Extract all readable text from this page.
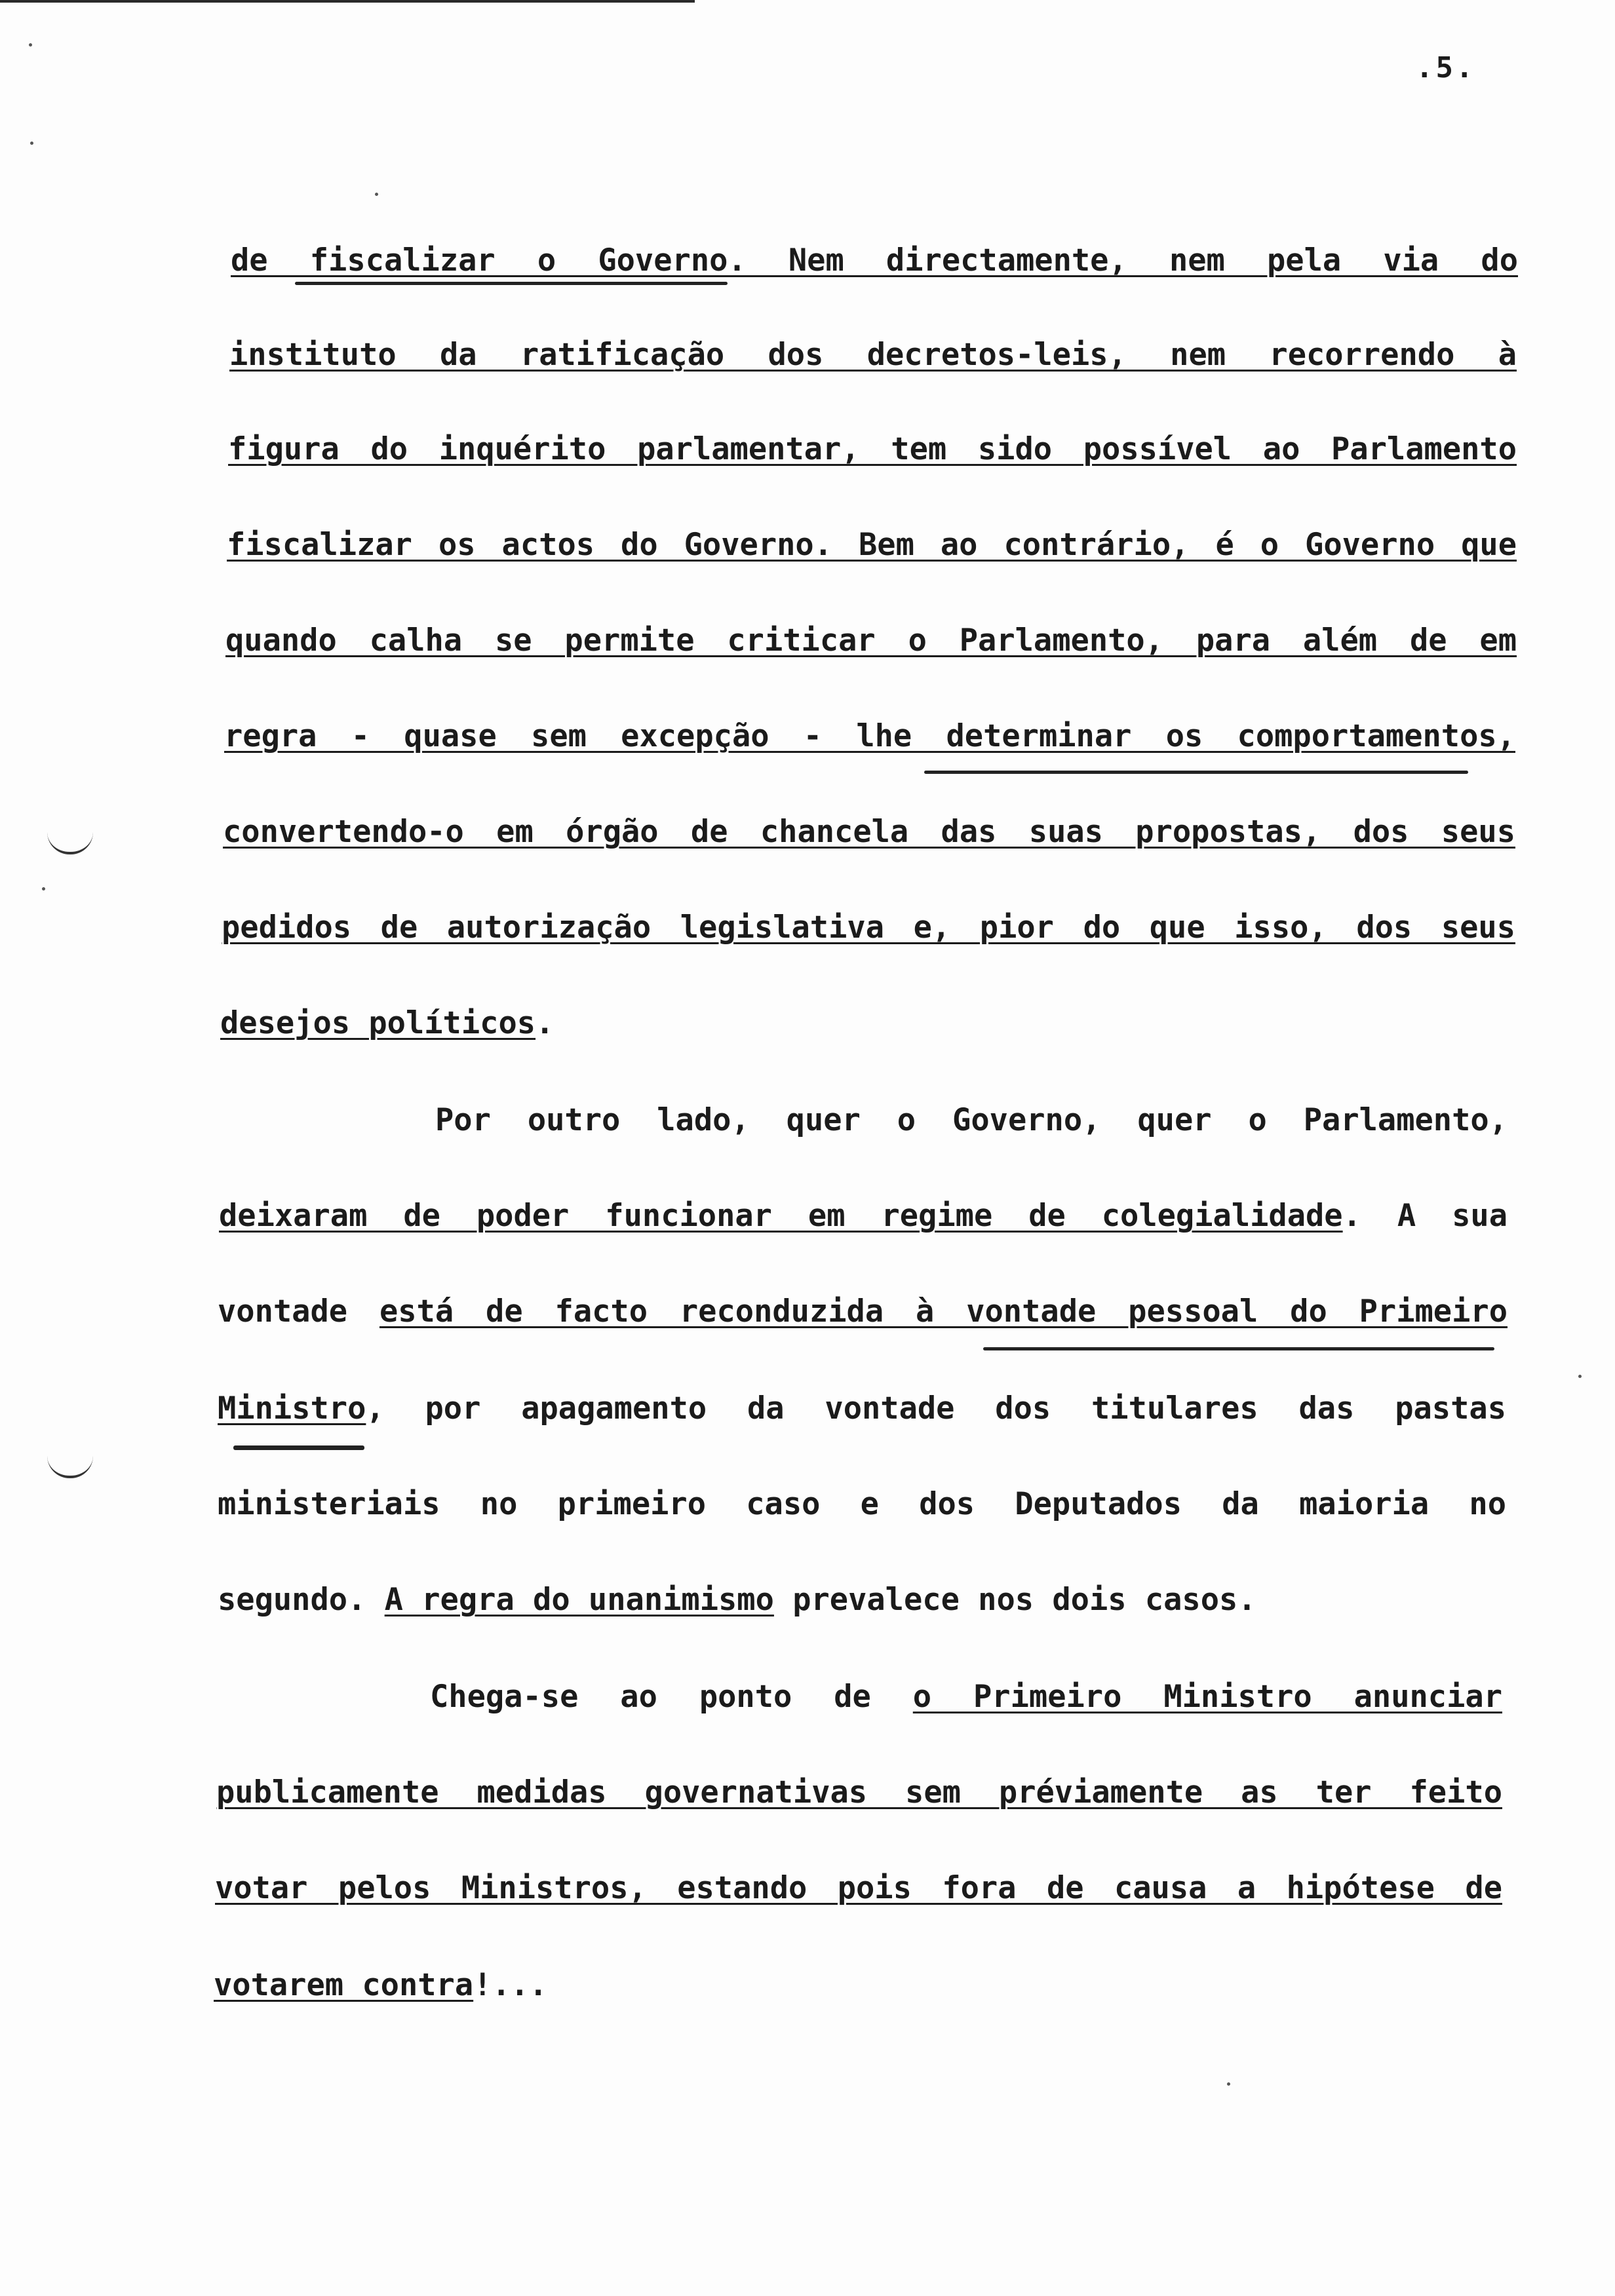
.5.
de fiscalizar o Governo. Nem directamente, nem pela via do
instituto da ratificação dos decretos-leis, nem recorrendo à
figura do inquérito parlamentar, tem sido possível ao Parlamento
fiscalizar os actos do Governo. Bem ao contrário, é o Governo que
quando calha se permite criticar o Parlamento, para além de em
regra - quase sem excepção - lhe determinar os comportamentos,
convertendo-o em órgão de chancela das suas propostas, dos seus
pedidos de autorização legislativa e, pior do que isso, dos seus
desejos políticos.
Por outro lado, quer o Governo, quer o Parlamento,
deixaram de poder funcionar em regime de colegialidade. A sua
vontade está de facto reconduzida à vontade pessoal do Primeiro
Ministro, por apagamento da vontade dos titulares das pastas
ministeriais no primeiro caso e dos Deputados da maioria no
segundo. A regra do unanimismo prevalece nos dois casos.
Chega-se ao ponto de o Primeiro Ministro anunciar
publicamente medidas governativas sem préviamente as ter feito
votar pelos Ministros, estando pois fora de causa a hipótese de
votarem contra!...
